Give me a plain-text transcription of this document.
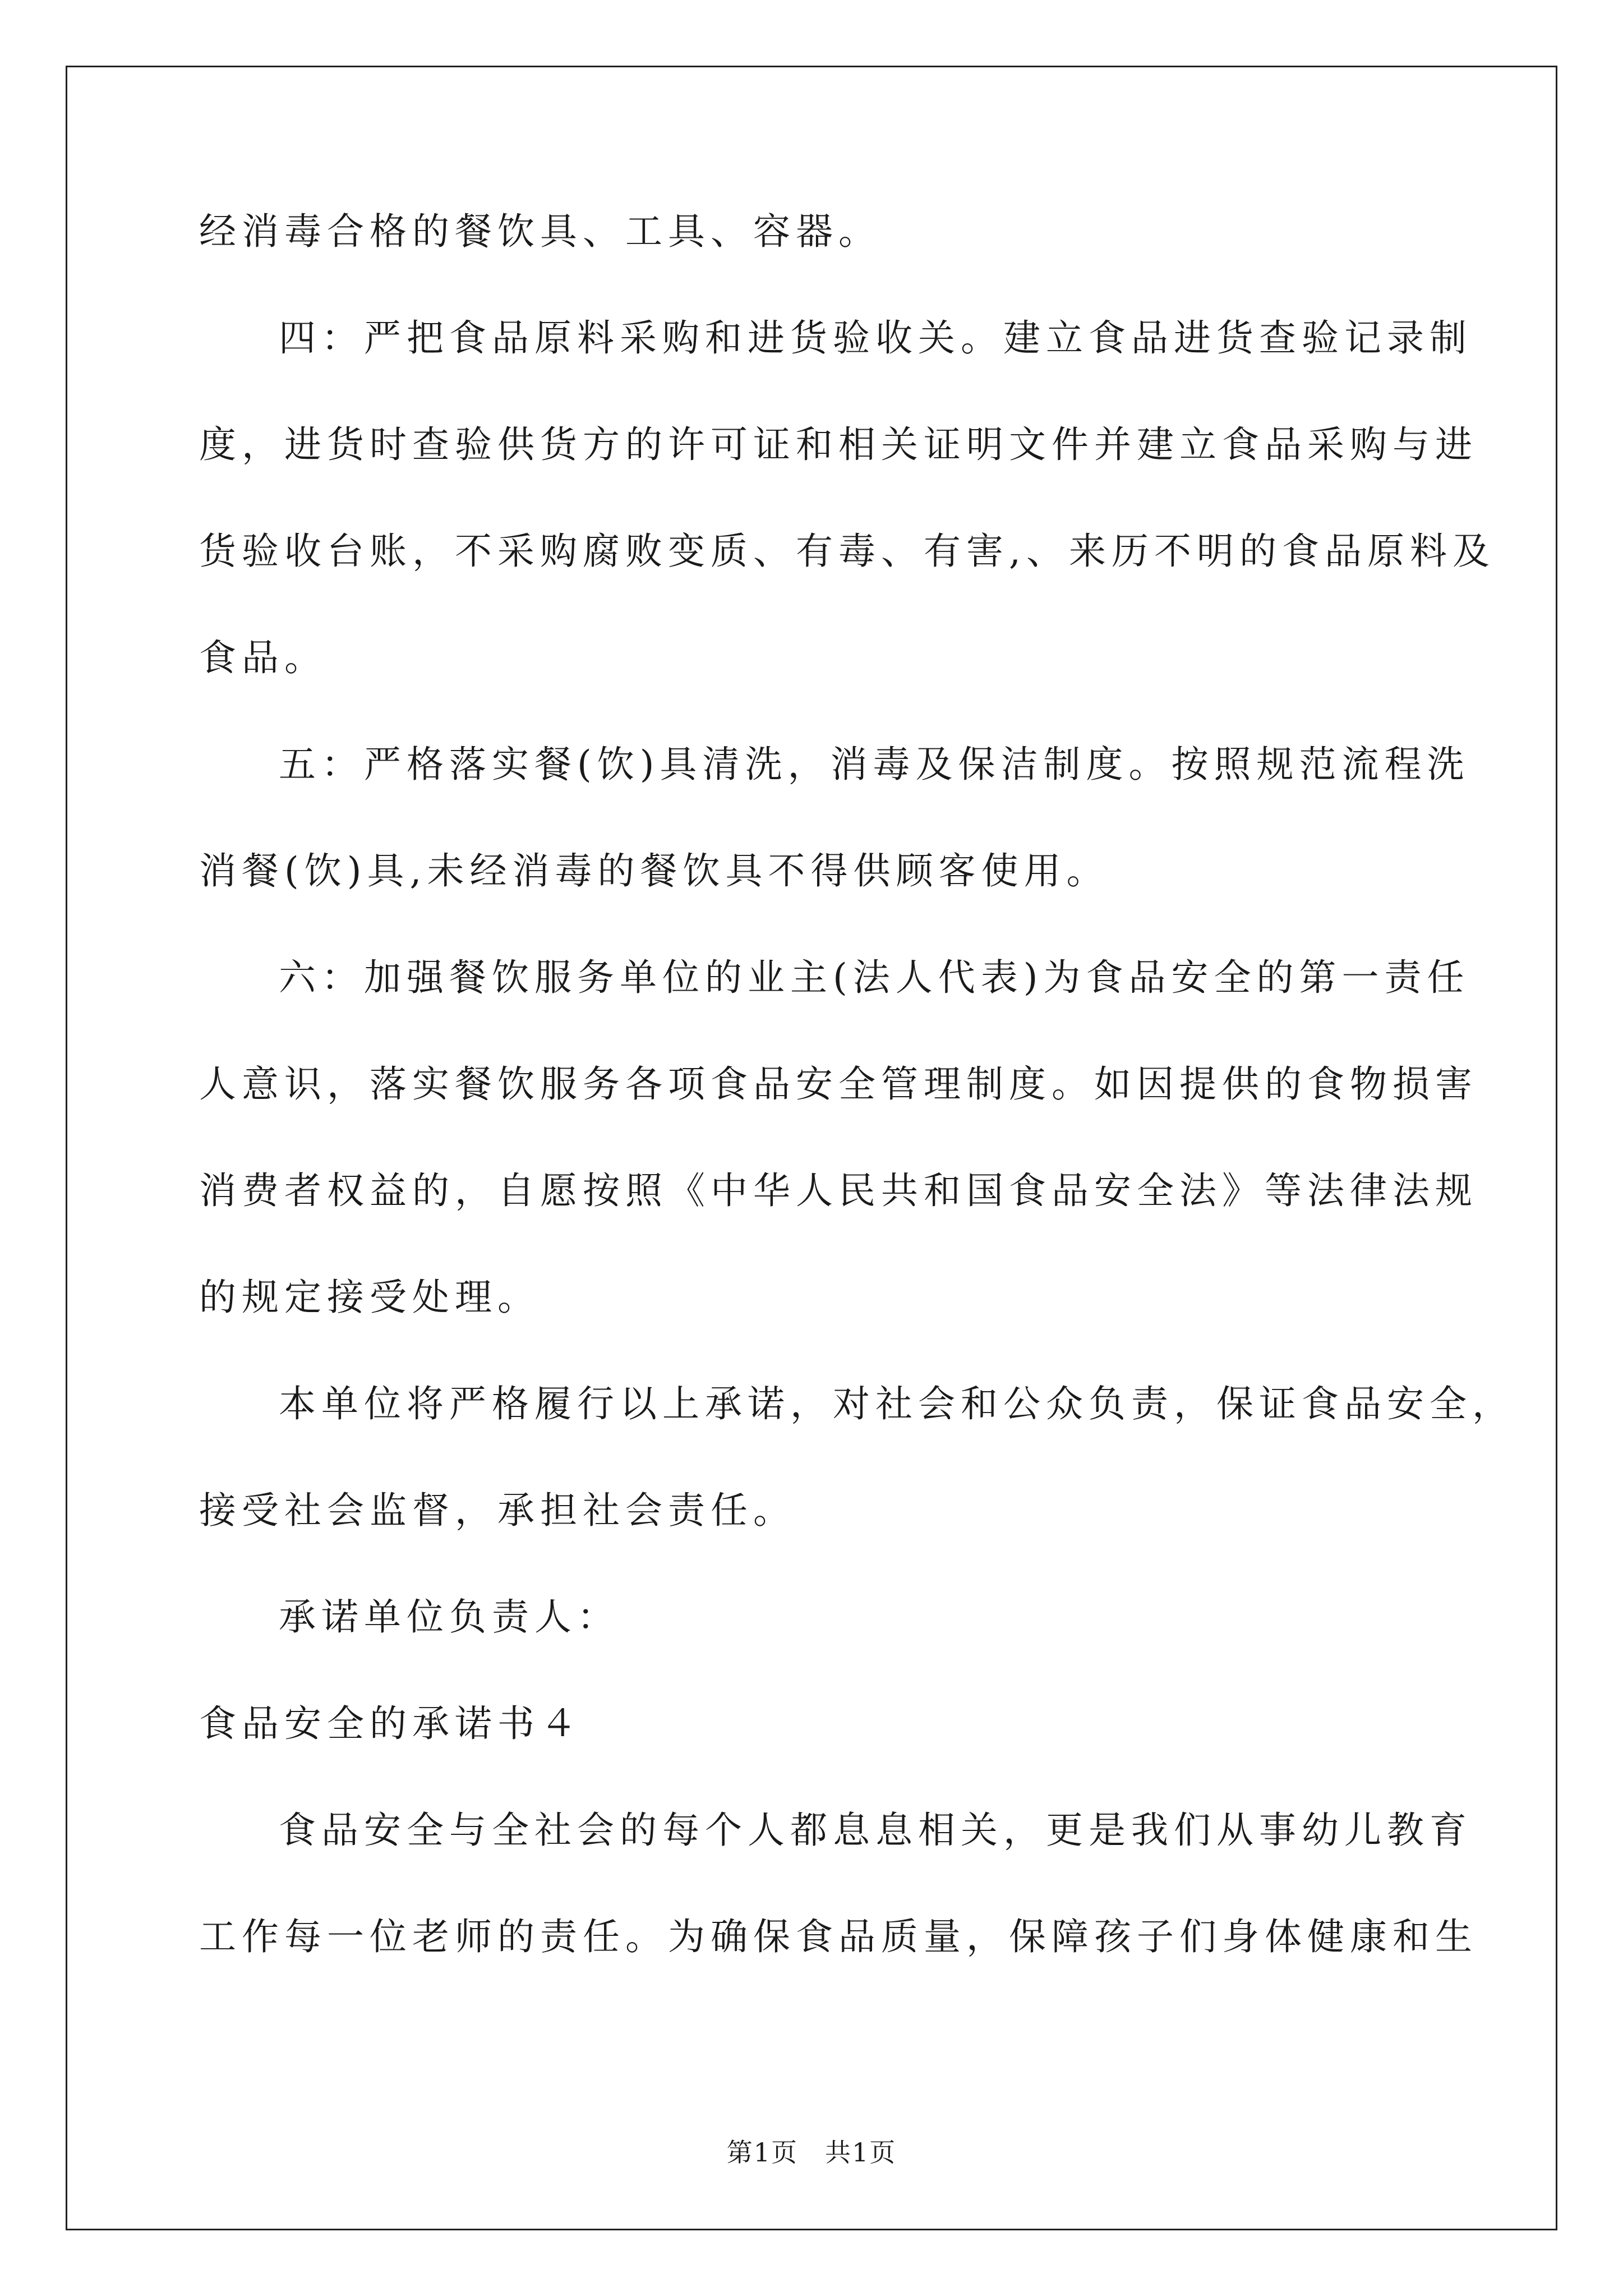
经消毒合格的餐饮具、工具、容器。
四：严把食品原料采购和进货验收关。建立食品进货查验记录制
度，进货时查验供货方的许可证和相关证明文件并建立食品采购与进
货验收台账，不采购腐败变质、有毒、有害,、来历不明的食品原料及
食品。
五：严格落实餐(饮)具清洗，消毒及保洁制度。按照规范流程洗
消餐(饮)具,未经消毒的餐饮具不得供顾客使用。
六：加强餐饮服务单位的业主(法人代表)为食品安全的第一责任
人意识，落实餐饮服务各项食品安全管理制度。如因提供的食物损害
消费者权益的，自愿按照《中华人民共和国食品安全法》等法律法规
的规定接受处理。
本单位将严格履行以上承诺，对社会和公众负责，保证食品安全，
接受社会监督，承担社会责任。
承诺单位负责人：
食品安全的承诺书４
食品安全与全社会的每个人都息息相关，更是我们从事幼儿教育
工作每一位老师的责任。为确保食品质量，保障孩子们身体健康和生
第1页　共1页
